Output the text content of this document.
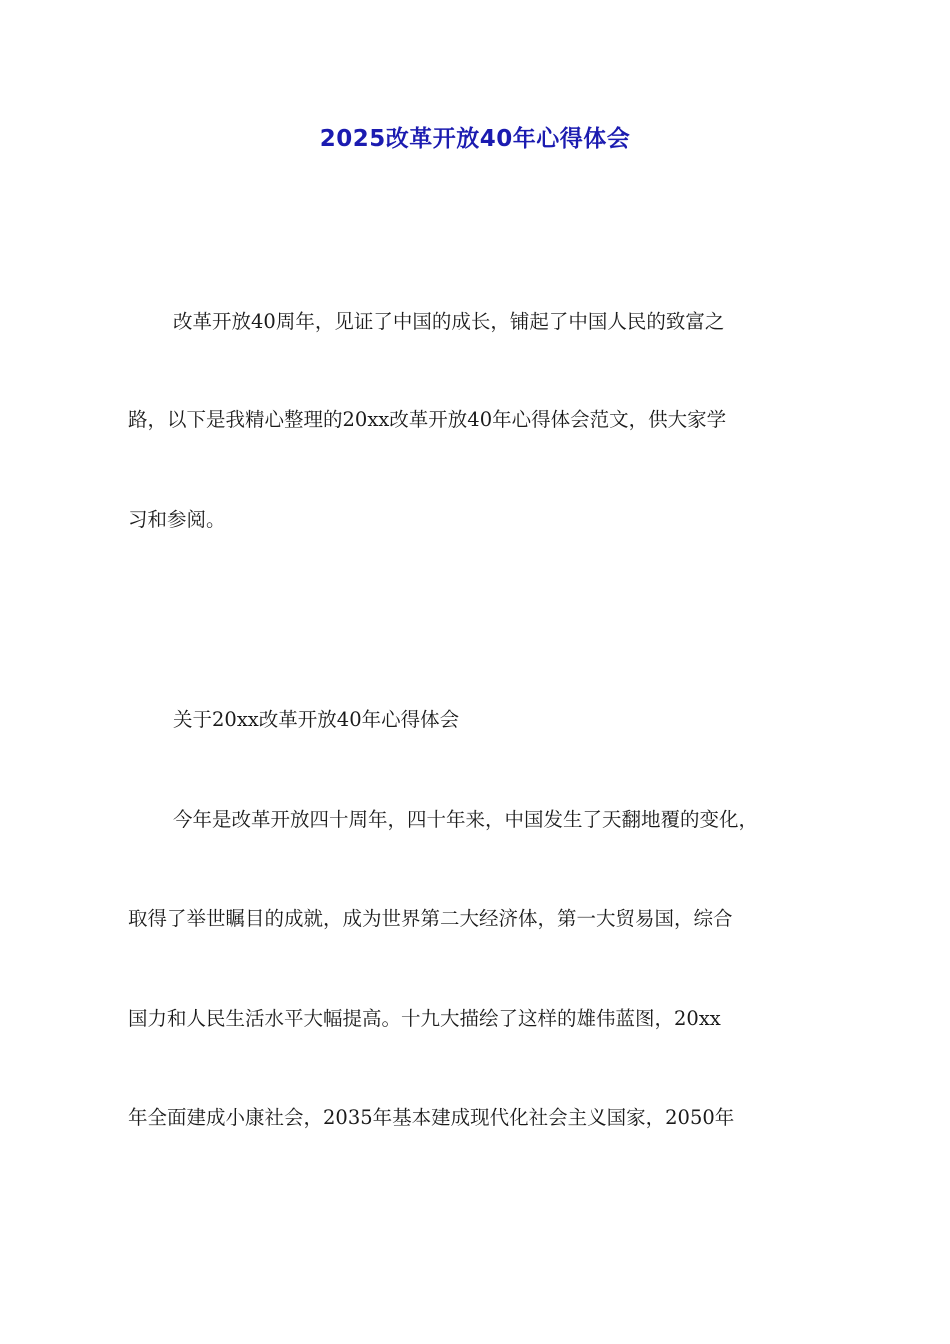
2025改革开放40年心得体会
改革开放40周年，见证了中国的成长，铺起了中国人民的致富之
路，以下是我精心整理的20xx改革开放40年心得体会范文，供大家学
习和参阅。
关于20xx改革开放40年心得体会
今年是改革开放四十周年，四十年来，中国发生了天翻地覆的变化，
取得了举世瞩目的成就，成为世界第二大经济体，第一大贸易国，综合
国力和人民生活水平大幅提高。十九大描绘了这样的雄伟蓝图，20xx
年全面建成小康社会，2035年基本建成现代化社会主义国家，2050年
